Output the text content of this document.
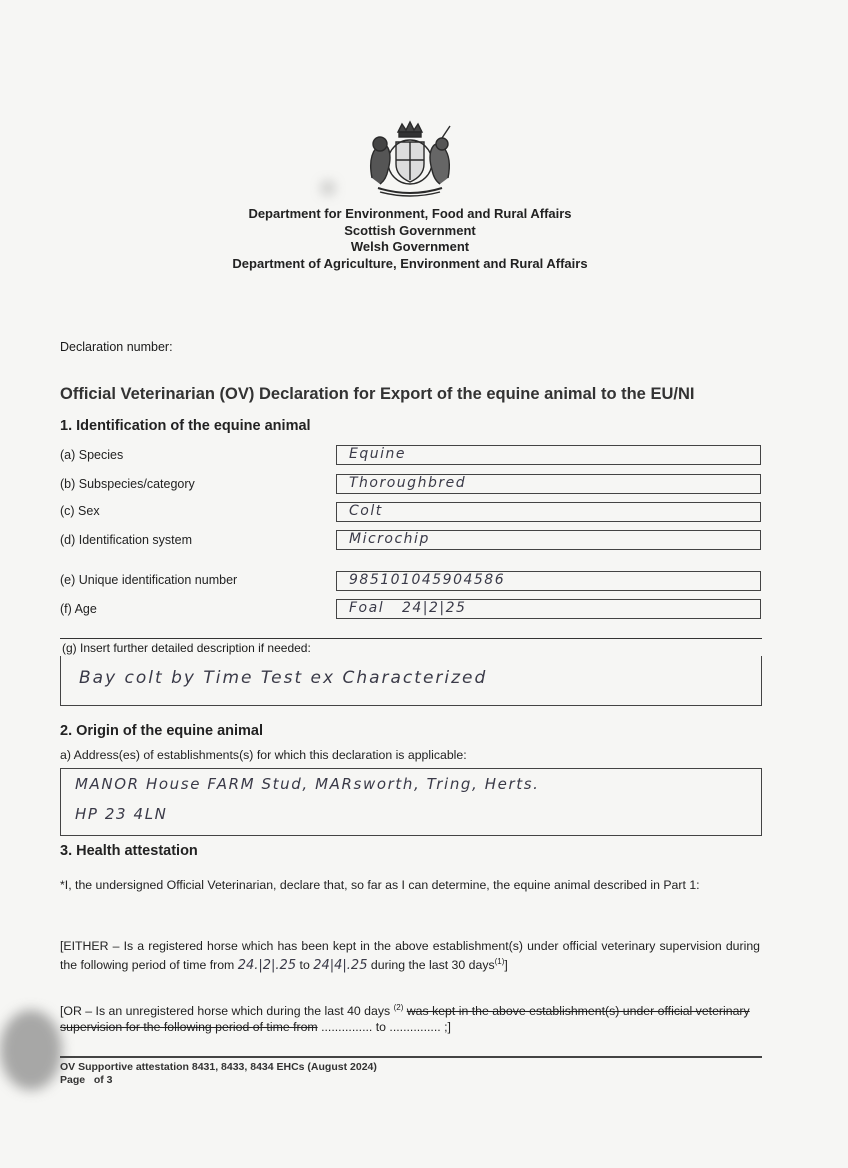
Department for Environment, Food and Rural Affairs
Scottish Government
Welsh Government
Department of Agriculture, Environment and Rural Affairs
Declaration number:
Official Veterinarian (OV) Declaration for Export of the equine animal to the EU/NI
1. Identification of the equine animal
(a) Species	Equine
(b) Subspecies/category	Thoroughbred
(c) Sex	Colt
(d) Identification system	Microchip
(e) Unique identification number	985101045904586
(f) Age	Foal   24|2|25
(g) Insert further detailed description if needed:
Bay colt by Time Test ex Characterized
2. Origin of the equine animal
a) Address(es) of establishments(s) for which this declaration is applicable:
MANOR House FARM Stud, MARsworth, Tring, Herts.
HP 23 4LN
3. Health attestation
*I, the undersigned Official Veterinarian, declare that, so far as I can determine, the equine animal described in Part 1:
[EITHER – Is a registered horse which has been kept in the above establishment(s) under official veterinary supervision during the following period of time from 24.|2|.25 to 24|4|.25 during the last 30 days$^{(1)}$]
[OR – Is an unregistered horse which during the last 40 days $^{(2)}$ was kept in the above establishment(s) under official veterinary supervision for the following period of time from ............... to ............... ;]
OV Supportive attestation 8431, 8433, 8434 EHCs (August 2024)
Page   of 3
